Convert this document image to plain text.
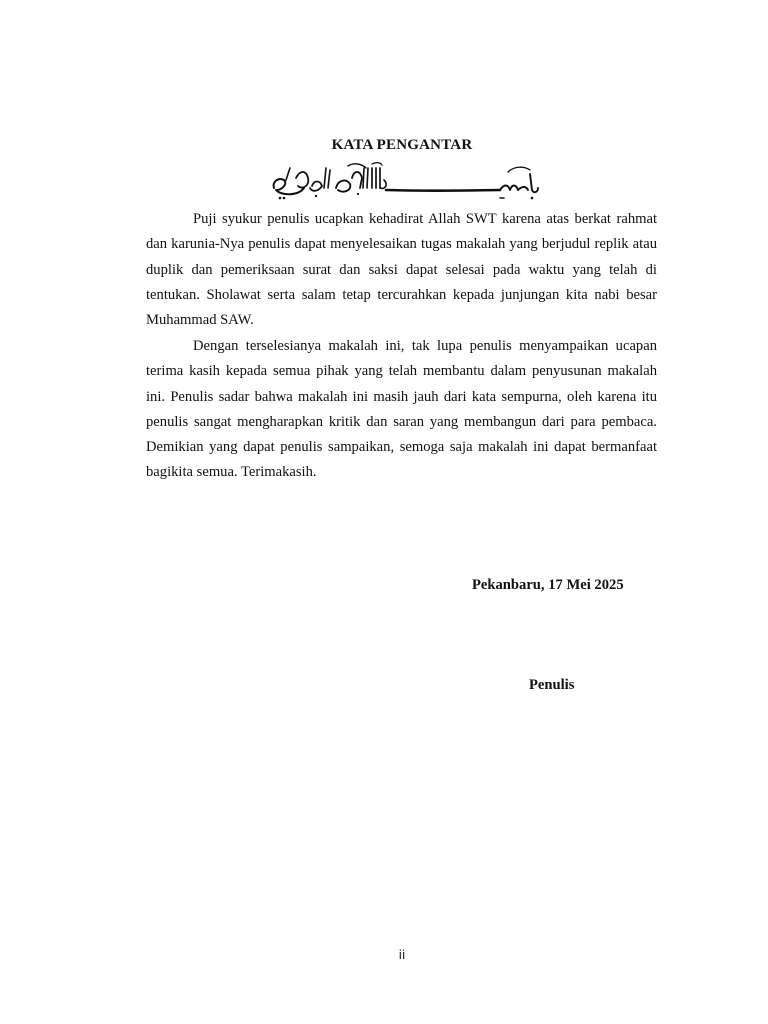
KATA PENGANTAR

Puji syukur penulis ucapkan kehadirat Allah SWT karena atas berkat rahmat dan karunia-Nya penulis dapat menyelesaikan tugas makalah yang berjudul replik atau duplik dan pemeriksaan surat dan saksi dapat selesai pada waktu yang telah di tentukan. Sholawat serta salam tetap tercurahkan kepada junjungan kita nabi besar Muhammad SAW.

Dengan terselesianya makalah ini, tak lupa penulis menyampaikan ucapan terima kasih kepada semua pihak yang telah membantu dalam penyusunan makalah ini. Penulis sadar bahwa makalah ini masih jauh dari kata sempurna, oleh karena itu penulis sangat mengharapkan kritik dan saran yang membangun dari para pembaca. Demikian yang dapat penulis sampaikan, semoga saja makalah ini dapat bermanfaat bagikita semua. Terimakasih.

Pekanbaru, 17 Mei 2025
Penulis
ii
